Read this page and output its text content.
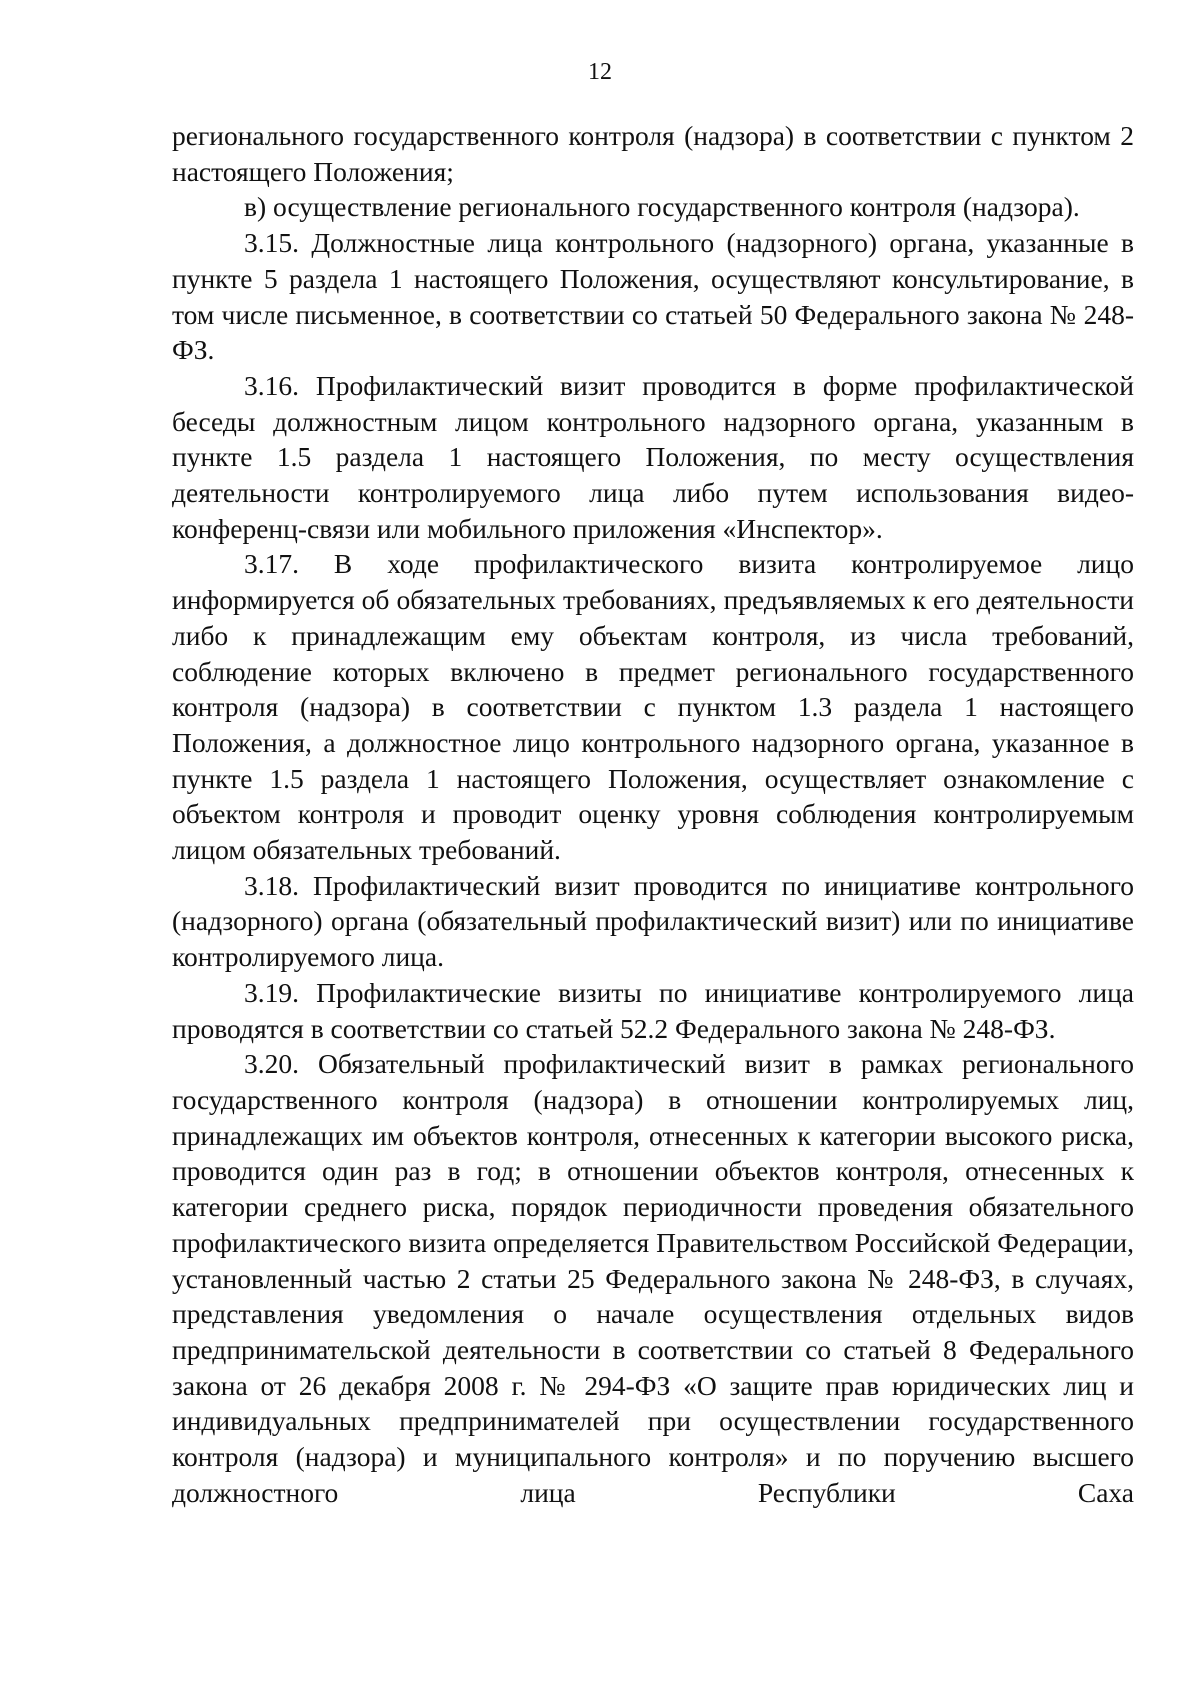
12

регионального государственного контроля (надзора) в соответствии с пунктом 2 настоящего Положения;

в) осуществление регионального государственного контроля (надзора).

3.15. Должностные лица контрольного (надзорного) органа, указанные в пункте 5 раздела 1 настоящего Положения, осуществляют консультирование, в том числе письменное, в соответствии со статьей 50 Федерального закона № 248-ФЗ.

3.16. Профилактический визит проводится в форме профилактической беседы должностным лицом контрольного надзорного органа, указанным в пункте 1.5 раздела 1 настоящего Положения, по месту осуществления деятельности контролируемого лица либо путем использования видео-конференц-связи или мобильного приложения «Инспектор».

3.17. В ходе профилактического визита контролируемое лицо информируется об обязательных требованиях, предъявляемых к его деятельности либо к принадлежащим ему объектам контроля, из числа требований, соблюдение которых включено в предмет регионального государственного контроля (надзора) в соответствии с пунктом 1.3 раздела 1 настоящего Положения, а должностное лицо контрольного надзорного органа, указанное в пункте 1.5 раздела 1 настоящего Положения, осуществляет ознакомление с объектом контроля и проводит оценку уровня соблюдения контролируемым лицом обязательных требований.

3.18. Профилактический визит проводится по инициативе контрольного (надзорного) органа (обязательный профилактический визит) или по инициативе контролируемого лица.

3.19. Профилактические визиты по инициативе контролируемого лица проводятся в соответствии со статьей 52.2 Федерального закона № 248-ФЗ.

3.20. Обязательный профилактический визит в рамках регионального государственного контроля (надзора) в отношении контролируемых лиц, принадлежащих им объектов контроля, отнесенных к категории высокого риска, проводится один раз в год; в отношении объектов контроля, отнесенных к категории среднего риска, порядок периодичности проведения обязательного профилактического визита определяется Правительством Российской Федерации, установленный частью 2 статьи 25 Федерального закона № 248-ФЗ, в случаях, представления уведомления о начале осуществления отдельных видов предпринимательской деятельности в соответствии со статьей 8 Федерального закона от 26 декабря 2008 г. № 294-ФЗ «О защите прав юридических лиц и индивидуальных предпринимателей при осуществлении государственного контроля (надзора) и муниципального контроля» и по поручению высшего должностного лица Республики Саха
